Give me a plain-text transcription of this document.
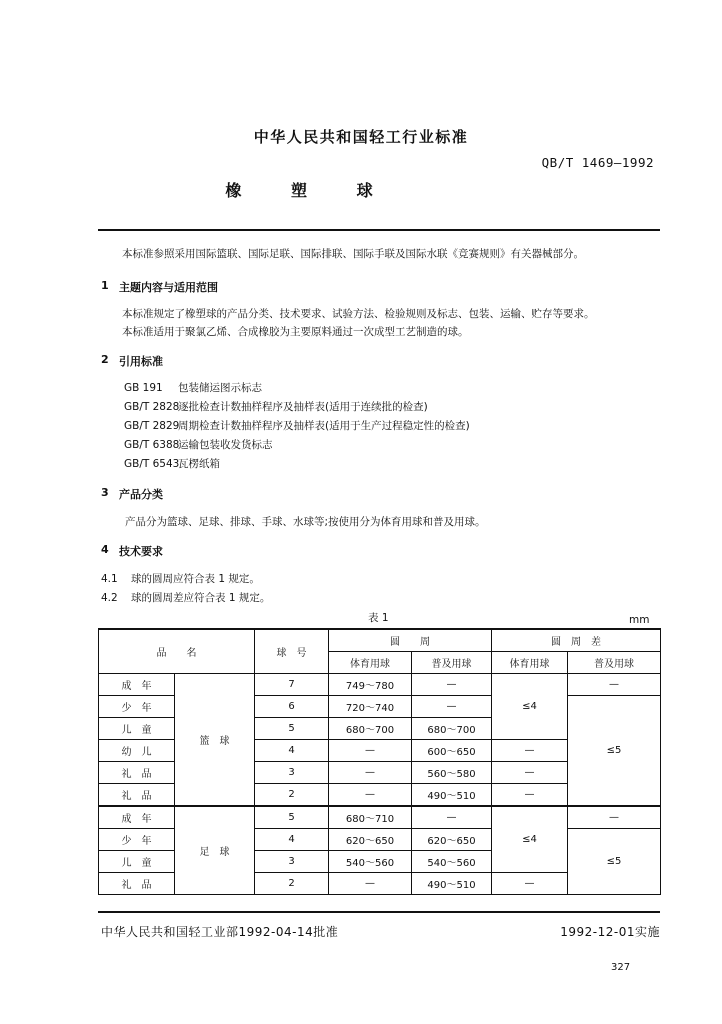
中华人民共和国轻工行业标准
QB/T 1469—1992
橡 塑 球
本标准参照采用国际篮联、国际足联、国际排联、国际手联及国际水联《竞赛规则》有关器械部分。
1 主题内容与适用范围
本标准规定了橡塑球的产品分类、技术要求、试验方法、检验规则及标志、包装、运输、贮存等要求。
本标准适用于聚氯乙烯、合成橡胶为主要原料通过一次成型工艺制造的球。
2 引用标准
GB 191	包装储运图示标志
GB/T 2828
逐批检查计数抽样程序及抽样表(适用于连续批的检查)
GB/T 2829
周期检查计数抽样程序及抽样表(适用于生产过程稳定性的检查)
GB/T 6388
运输包装收发货标志
GB/T 6543
瓦楞纸箱
3 产品分类
产品分为篮球、足球、排球、手球、水球等;按使用分为体育用球和普及用球。
4 技术要求
4.1 球的圆周应符合表 1 规定。
4.2 球的圆周差应符合表 1 规定。
表 1	mm
品　　名		球　号	圆　　周		圆　周　差	
			体育用球	普及用球	体育用球	普及用球
成　年	篮　球	7	749～780	—	≤4	—
少　年		6	720～740	—		≤5
儿　童		5	680～700	680～700		
幼　儿		4	—	600～650	—	
礼　品		3	—	560～580	—	
礼　品		2	—	490～510	—	
成　年	足　球	5	680～710	—	≤4	—
少　年		4	620～650	620～650		≤5
儿　童		3	540～560	540～560		
礼　品		2	—	490～510	—	
中华人民共和国轻工业部1992-04-14批准	1992-12-01实施
327
